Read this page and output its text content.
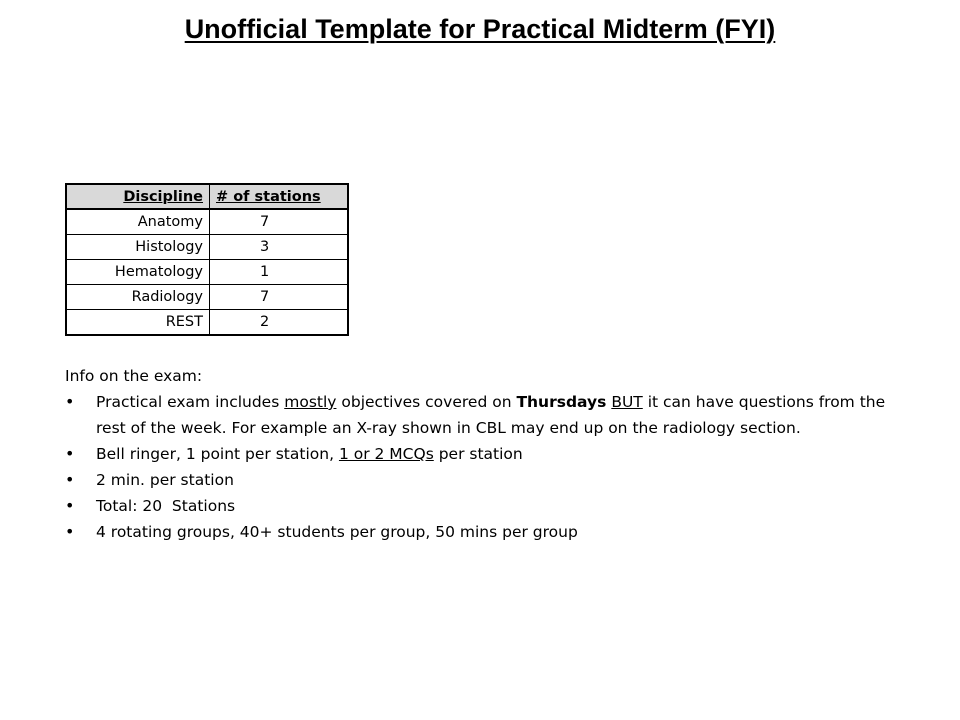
Unofficial Template for Practical Midterm (FYI)
Discipline	# of stations
Anatomy	7
Histology	3
Hematology	1
Radiology	7
REST	2

Info on the exam:

• Practical exam includes mostly objectives covered on Thursdays BUT it can have questions from the rest of the week. For example an X-ray shown in CBL may end up on the radiology section.
• Bell ringer, 1 point per station, 1 or 2 MCQs per station
• 2 min. per station
• Total: 20  Stations
• 4 rotating groups, 40+ students per group, 50 mins per group
